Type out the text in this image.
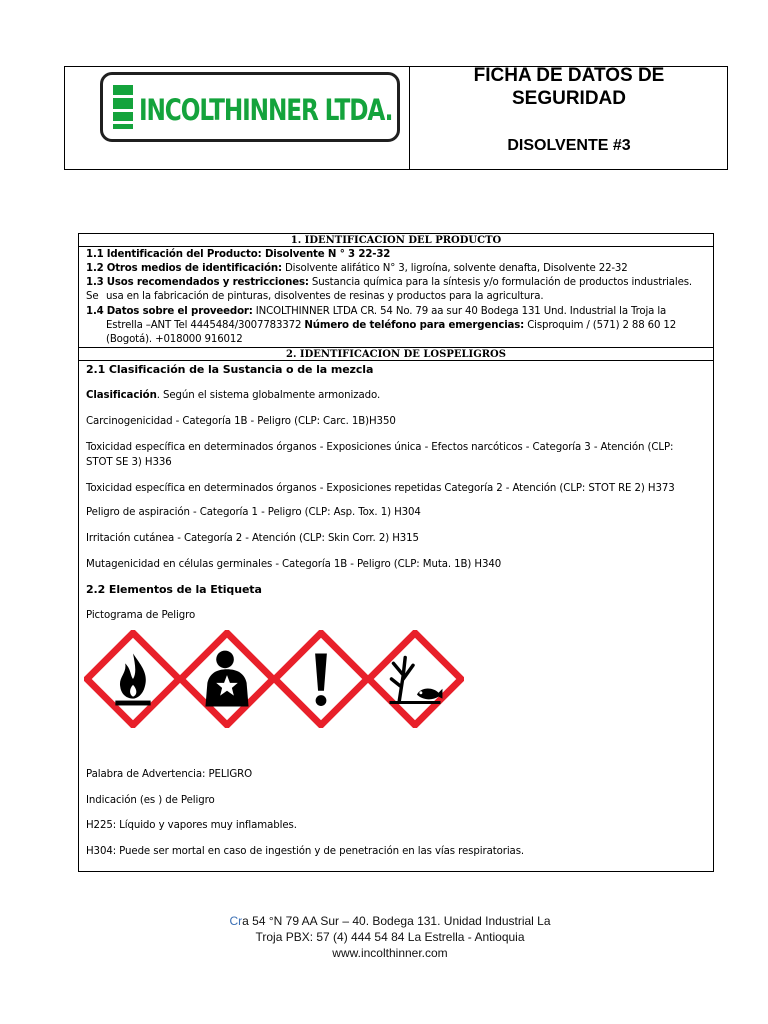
INCOLTHINNER LTDA.
FICHA DE DATOS DE
SEGURIDAD
DISOLVENTE #3
1. IDENTIFICACION DEL PRODUCTO
1.1 Identificación del Producto: Disolvente N ° 3 22-32
1.2 Otros medios de identificación: Disolvente alifático N° 3, ligroína, solvente denafta, Disolvente 22-32
1.3 Usos recomendados y restricciones: Sustancia química para la síntesis y/o formulación de productos industriales. Se usa en la fabricación de pinturas, disolventes de resinas y productos para la agricultura.
1.4 Datos sobre el proveedor: INCOLTHINNER LTDA CR. 54 No. 79 aa sur 40 Bodega 131 Und. Industrial la Troja la
Estrella –ANT Tel 4445484/3007783372 Número de teléfono para emergencias: Cisproquim / (571) 2 88 60 12
(Bogotá). +018000 916012
2. IDENTIFICACION DE LOSPELIGROS
2.1 Clasificación de la Sustancia o de la mezcla
Clasificación. Según el sistema globalmente armonizado.
Carcinogenicidad - Categoría 1B - Peligro (CLP: Carc. 1B)H350
Toxicidad específica en determinados órganos - Exposiciones única - Efectos narcóticos - Categoría 3 - Atención (CLP:
STOT SE 3) H336
Toxicidad específica en determinados órganos - Exposiciones repetidas Categoría 2 - Atención (CLP: STOT RE 2) H373
Peligro de aspiración - Categoría 1 - Peligro (CLP: Asp. Tox. 1) H304
Irritación cutánea - Categoría 2 - Atención (CLP: Skin Corr. 2) H315
Mutagenicidad en células germinales - Categoría 1B - Peligro (CLP: Muta. 1B) H340
2.2 Elementos de la Etiqueta
Pictograma de Peligro
Palabra de Advertencia: PELIGRO
Indicación (es ) de Peligro
H225: Líquido y vapores muy inflamables.
H304: Puede ser mortal en caso de ingestión y de penetración en las vías respiratorias.
Cra 54 °N 79 AA Sur – 40. Bodega 131. Unidad Industrial La
Troja PBX: 57 (4) 444 54 84 La Estrella - Antioquia
www.incolthinner.com
